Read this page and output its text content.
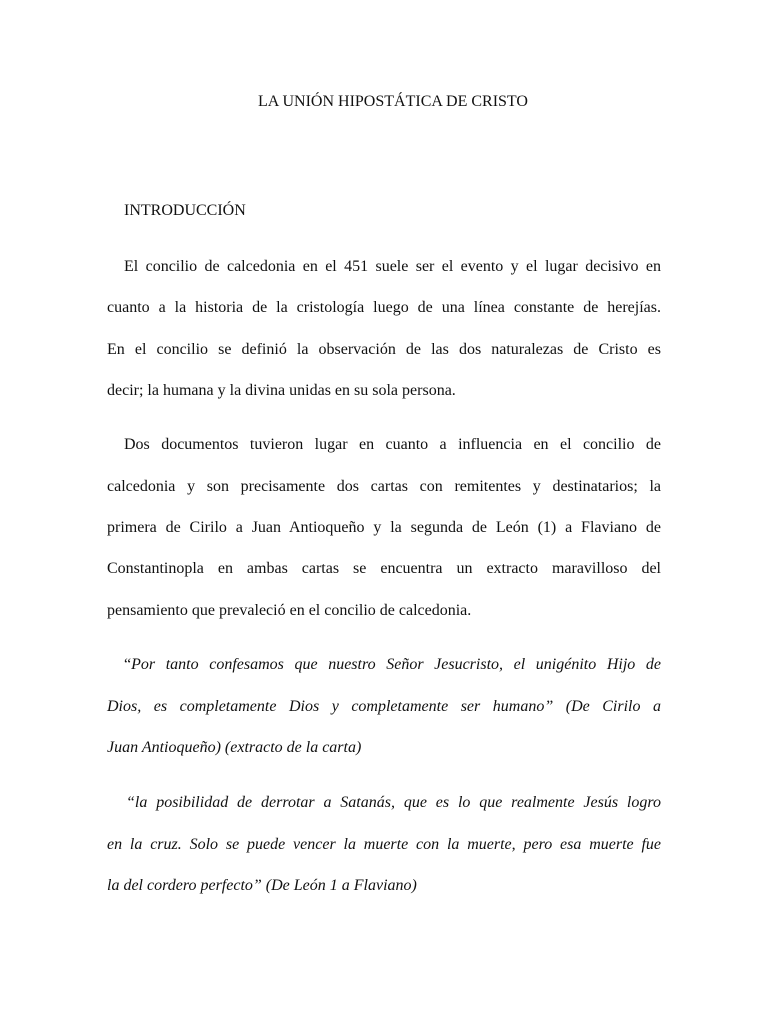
LA UNIÓN HIPOSTÁTICA DE CRISTO
INTRODUCCIÓN
El concilio de calcedonia en el 451 suele ser el evento y el lugar decisivo en
cuanto a la historia de la cristología luego de una línea constante de herejías.
En el concilio se definió la observación de las dos naturalezas de Cristo es
decir; la humana y la divina unidas en su sola persona.
Dos documentos tuvieron lugar en cuanto a influencia en el concilio de
calcedonia y son precisamente dos cartas con remitentes y destinatarios; la
primera de Cirilo a Juan Antioqueño y la segunda de León (1) a Flaviano de
Constantinopla en ambas cartas se encuentra un extracto maravilloso del
pensamiento que prevaleció en el concilio de calcedonia.
“Por tanto confesamos que nuestro Señor Jesucristo, el unigénito Hijo de
Dios, es completamente Dios y completamente ser humano” (De Cirilo a
Juan Antioqueño) (extracto de la carta)
“la posibilidad de derrotar a Satanás, que es lo que realmente Jesús logro
en la cruz. Solo se puede vencer la muerte con la muerte, pero esa muerte fue
la del cordero perfecto” (De León 1 a Flaviano)
